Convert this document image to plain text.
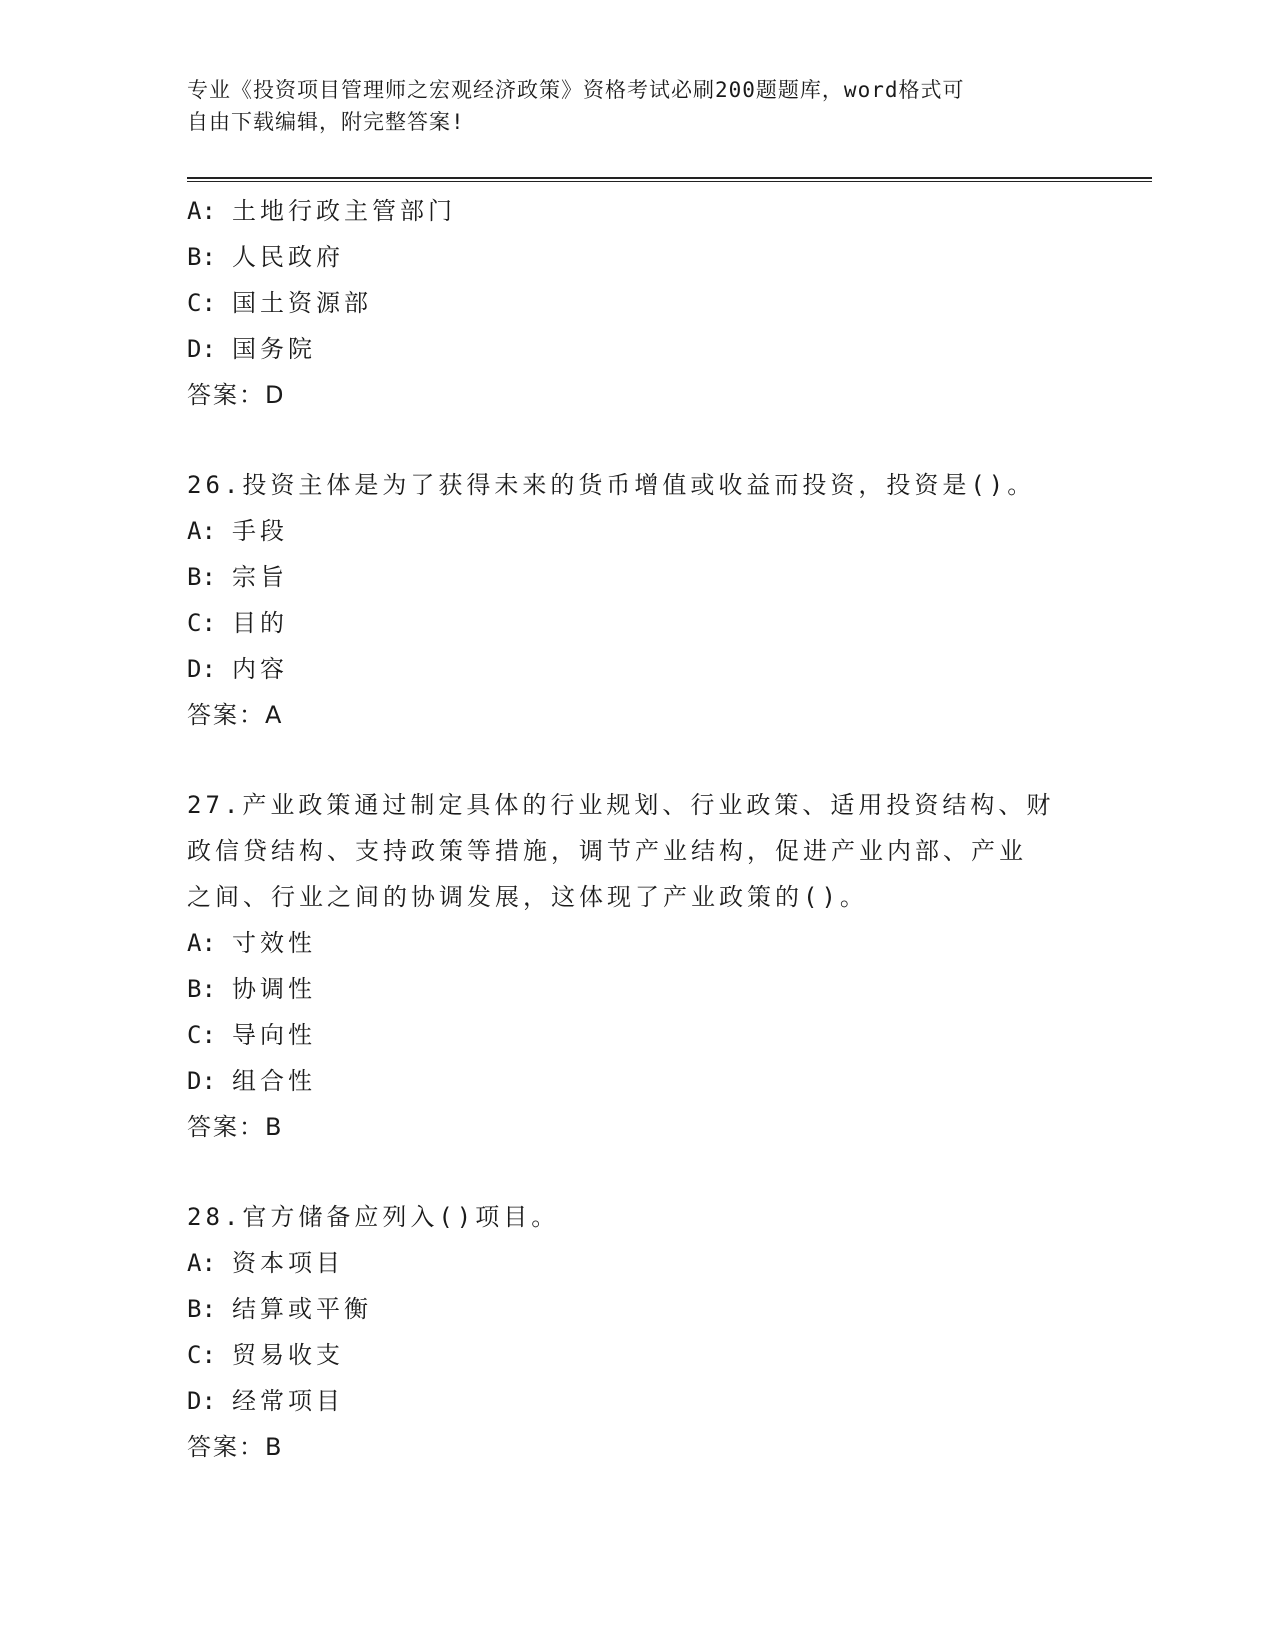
专业《投资项目管理师之宏观经济政策》资格考试必刷200题题库，word格式可
自由下载编辑，附完整答案!
A: 土地行政主管部门
B: 人民政府
C: 国土资源部
D: 国务院
答案：D
26.投资主体是为了获得未来的货币增值或收益而投资，投资是()。
A: 手段
B: 宗旨
C: 目的
D: 内容
答案：A
27.产业政策通过制定具体的行业规划、行业政策、适用投资结构、财
政信贷结构、支持政策等措施，调节产业结构，促进产业内部、产业
之间、行业之间的协调发展，这体现了产业政策的()。
A: 寸效性
B: 协调性
C: 导向性
D: 组合性
答案：B
28.官方储备应列入()项目。
A: 资本项目
B: 结算或平衡
C: 贸易收支
D: 经常项目
答案：B
